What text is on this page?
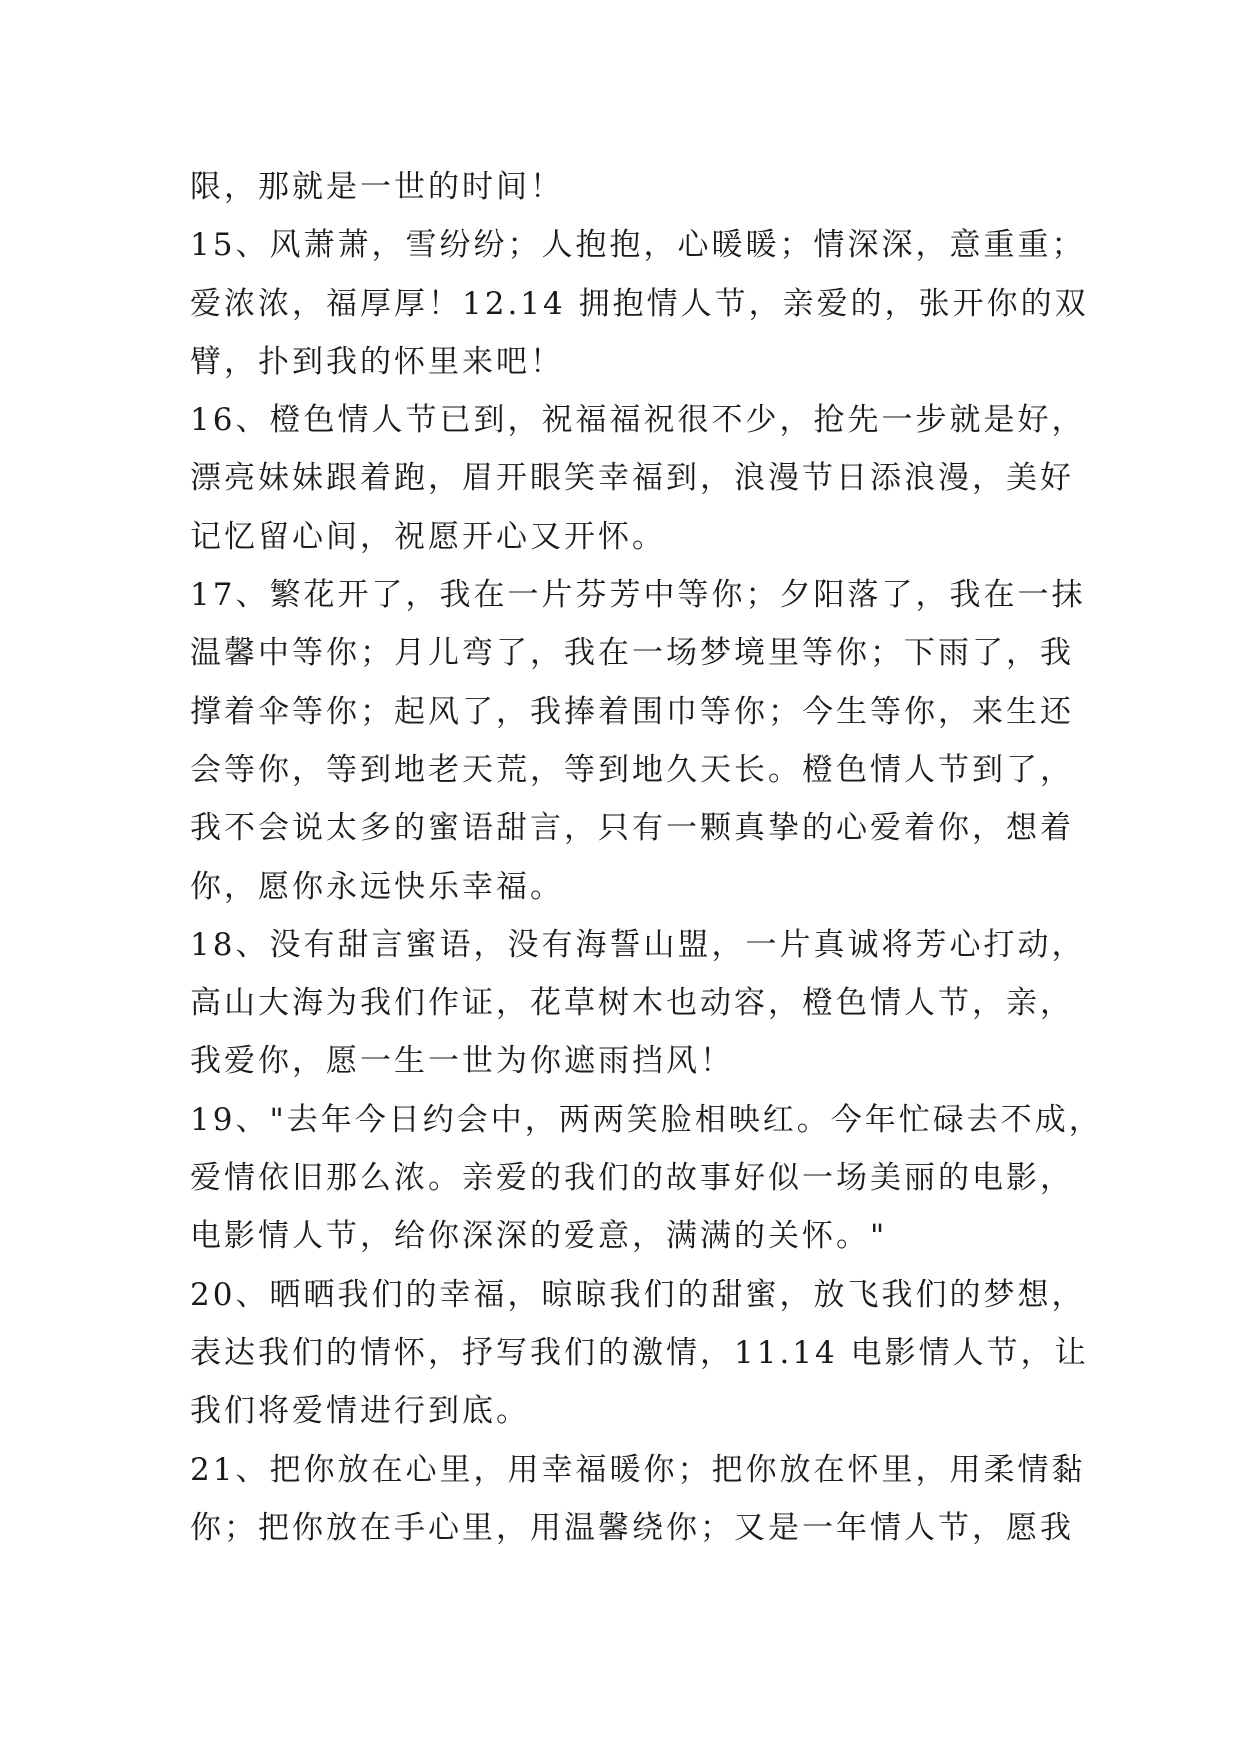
限，那就是一世的时间！
15、风萧萧，雪纷纷；人抱抱，心暖暖；情深深，意重重；
爱浓浓，福厚厚！12.14 拥抱情人节，亲爱的，张开你的双
臂，扑到我的怀里来吧！
16、橙色情人节已到，祝福福祝很不少，抢先一步就是好，
漂亮妹妹跟着跑，眉开眼笑幸福到，浪漫节日添浪漫，美好
记忆留心间，祝愿开心又开怀。
17、繁花开了，我在一片芬芳中等你；夕阳落了，我在一抹
温馨中等你；月儿弯了，我在一场梦境里等你；下雨了，我
撑着伞等你；起风了，我捧着围巾等你；今生等你，来生还
会等你，等到地老天荒，等到地久天长。橙色情人节到了，
我不会说太多的蜜语甜言，只有一颗真挚的心爱着你，想着
你，愿你永远快乐幸福。
18、没有甜言蜜语，没有海誓山盟，一片真诚将芳心打动，
高山大海为我们作证，花草树木也动容，橙色情人节，亲，
我爱你，愿一生一世为你遮雨挡风！
19、"去年今日约会中，两两笑脸相映红。今年忙碌去不成，
爱情依旧那么浓。亲爱的我们的故事好似一场美丽的电影，
电影情人节，给你深深的爱意，满满的关怀。"
20、晒晒我们的幸福，晾晾我们的甜蜜，放飞我们的梦想，
表达我们的情怀，抒写我们的激情，11.14 电影情人节，让
我们将爱情进行到底。
21、把你放在心里，用幸福暖你；把你放在怀里，用柔情黏
你；把你放在手心里，用温馨绕你；又是一年情人节，愿我
